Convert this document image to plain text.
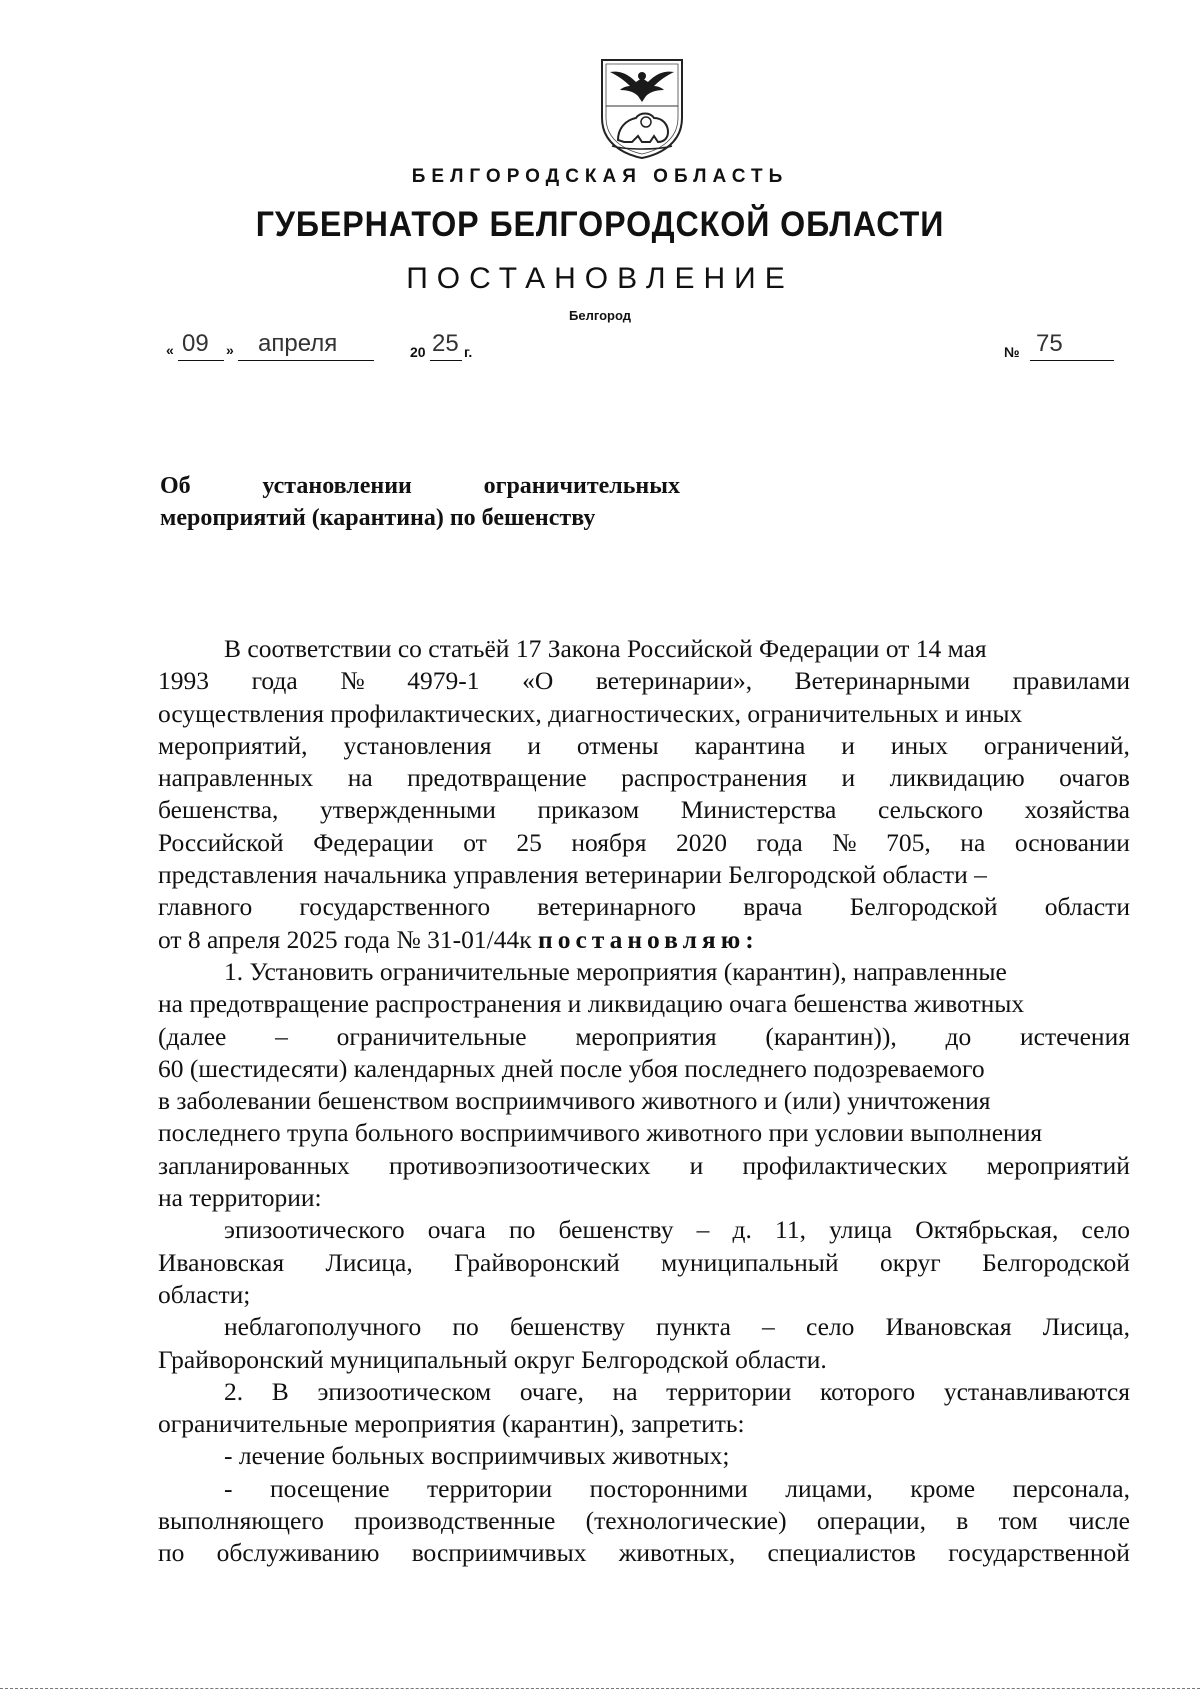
БЕЛГОРОДСКАЯ ОБЛАСТЬ
ГУБЕРНАТОР БЕЛГОРОДСКОЙ ОБЛАСТИ
ПОСТАНОВЛЕНИЕ
Белгород
« 09 » апреля	20 25 г.	№ 75
Об	установлении	ограничительных
мероприятий (карантина) по бешенству
В соответствии со статьёй 17 Закона Российской Федерации от 14 мая
1993 года № 4979-1 «О ветеринарии», Ветеринарными правилами
осуществления профилактических, диагностических, ограничительных и иных
мероприятий, установления и отмены карантина и иных ограничений,
направленных на предотвращение распространения и ликвидацию очагов
бешенства, утвержденными приказом Министерства сельского хозяйства
Российской Федерации от 25 ноября 2020 года № 705, на основании
представления начальника управления ветеринарии Белгородской области –
главного государственного ветеринарного врача Белгородской области
от 8 апреля 2025 года № 31-01/44к постановляю:
1. Установить ограничительные мероприятия (карантин), направленные
на предотвращение распространения и ликвидацию очага бешенства животных
(далее – ограничительные мероприятия (карантин)), до истечения
60 (шестидесяти) календарных дней после убоя последнего подозреваемого
в заболевании бешенством восприимчивого животного и (или) уничтожения
последнего трупа больного восприимчивого животного при условии выполнения
запланированных противоэпизоотических и профилактических мероприятий
на территории:
эпизоотического очага по бешенству – д. 11, улица Октябрьская, село
Ивановская Лисица, Грайворонский муниципальный округ Белгородской
области;
неблагополучного по бешенству пункта – село Ивановская Лисица,
Грайворонский муниципальный округ Белгородской области.
2. В эпизоотическом очаге, на территории которого устанавливаются
ограничительные мероприятия (карантин), запретить:
- лечение больных восприимчивых животных;
- посещение территории посторонними лицами, кроме персонала,
выполняющего производственные (технологические) операции, в том числе
по обслуживанию восприимчивых животных, специалистов государственной
